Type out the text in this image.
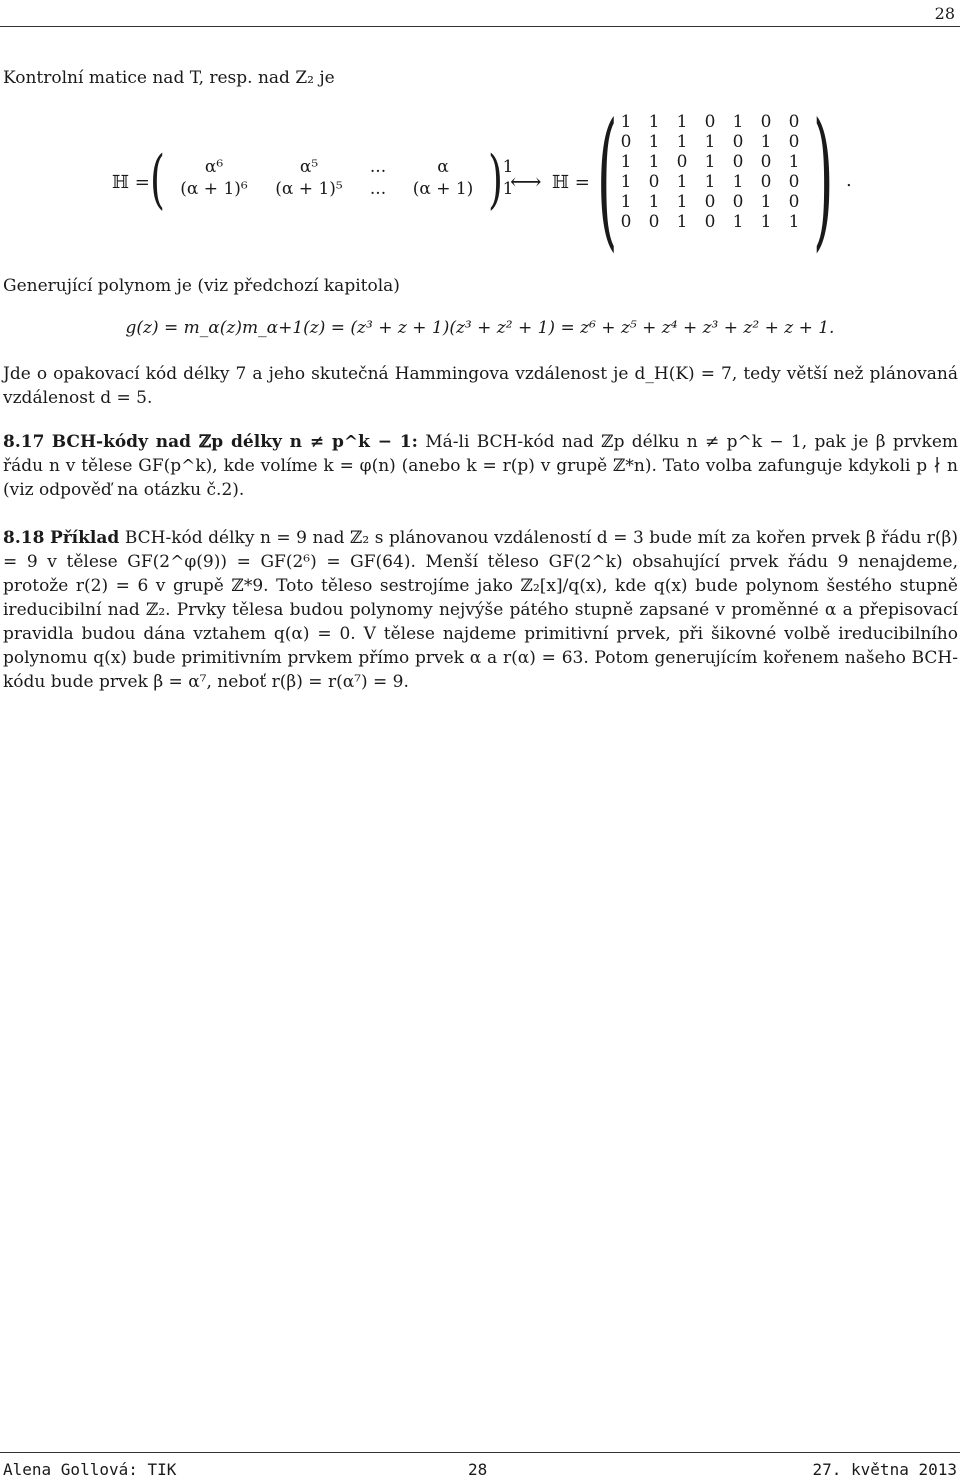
28
Kontrolní matice nad T, resp. nad Z₂ je
ℍ = (	α⁶	α⁵	...	α	1
(α + 1)⁶	(α + 1)⁵	...	(α + 1)	1
) ⟷ ℍ = ( 1	1	1	0	1	0	0
0	1	1	1	0	1	0
1	1	0	1	0	0	1
1	0	1	1	1	0	0
1	1	1	0	0	1	0
0	0	1	0	1	1	1 ) .
Generující polynom je (viz předchozí kapitola)
g(z) = m_α(z)m_α+1(z) = (z³ + z + 1)(z³ + z² + 1) = z⁶ + z⁵ + z⁴ + z³ + z² + z + 1.
Jde o opakovací kód délky 7 a jeho skutečná Hammingova vzdálenost je d_H(K) = 7, tedy větší než plánovaná vzdálenost d = 5.
8.17 BCH-kódy nad ℤp délky n ≠ p^k − 1: Má-li BCH-kód nad ℤp délku n ≠ p^k − 1, pak je β prvkem řádu n v tělese GF(p^k), kde volíme k = φ(n) (anebo k = r(p) v grupě ℤ*n). Tato volba zafunguje kdykoli p ∤ n (viz odpověď na otázku č.2).
8.18 Příklad BCH-kód délky n = 9 nad ℤ₂ s plánovanou vzdáleností d = 3 bude mít za kořen prvek β řádu r(β) = 9 v tělese GF(2^φ(9)) = GF(2⁶) = GF(64). Menší těleso GF(2^k) obsahující prvek řádu 9 nenajdeme, protože r(2) = 6 v grupě ℤ*9. Toto těleso sestrojíme jako ℤ₂[x]/q(x), kde q(x) bude polynom šestého stupně ireducibilní nad ℤ₂. Prvky tělesa budou polynomy nejvýše pátého stupně zapsané v proměnné α a přepisovací pravidla budou dána vztahem q(α) = 0. V tělese najdeme primitivní prvek, při šikovné volbě ireducibilního polynomu q(x) bude primitivním prvkem přímo prvek α a r(α) = 63. Potom generujícím kořenem našeho BCH-kódu bude prvek β = α⁷, neboť r(β) = r(α⁷) = 9.
Alena Gollová: TIK	28	27. května 2013
